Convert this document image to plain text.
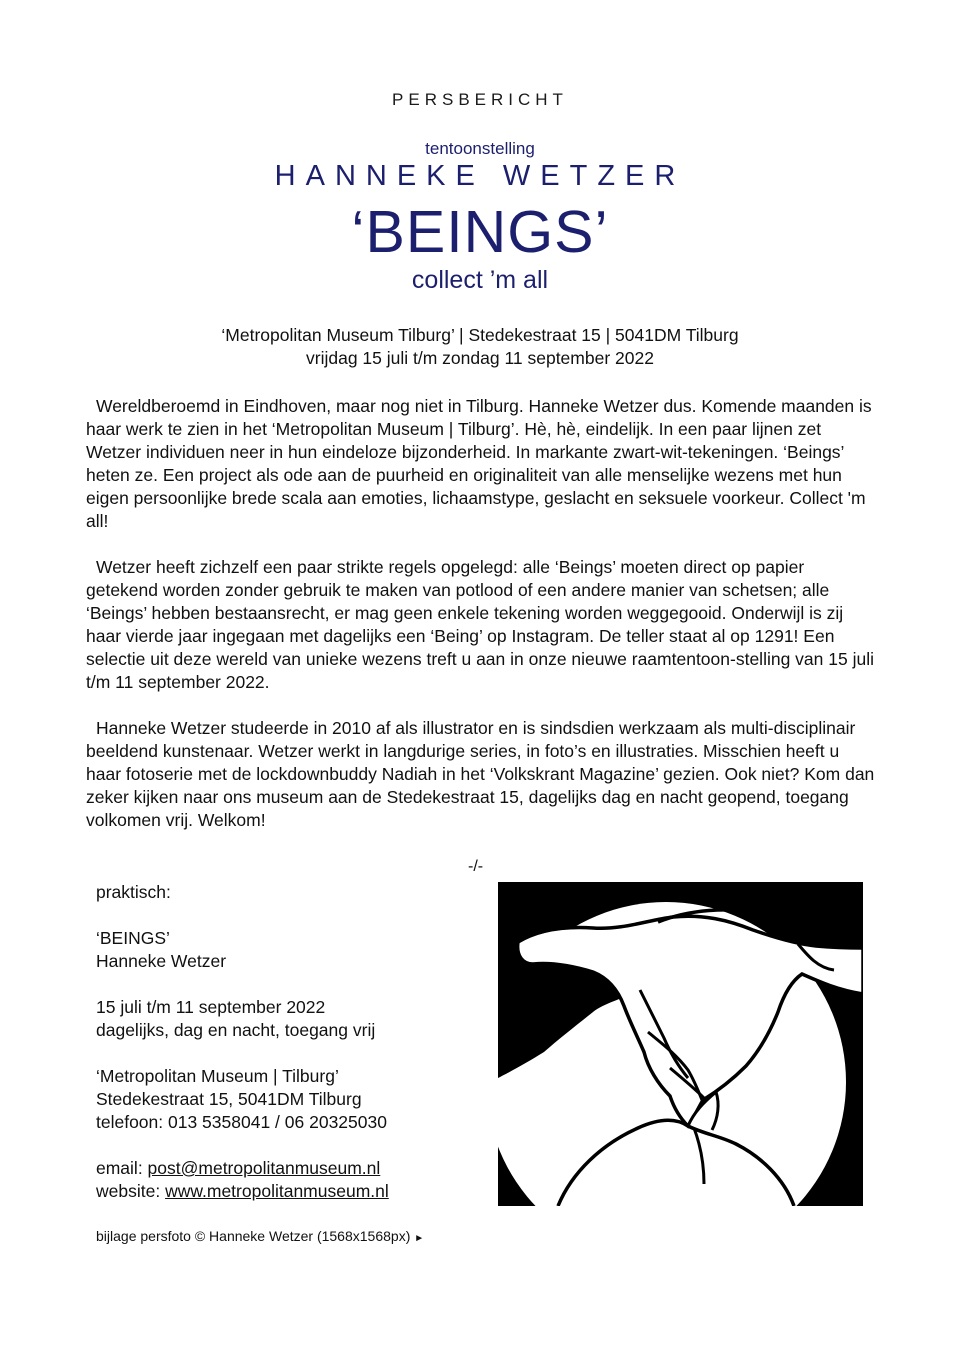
PERSBERICHT
tentoonstelling
HANNEKE WETZER
‘BEINGS’
collect ’m all
‘Metropolitan Museum Tilburg’ | Stedekestraat 15 | 5041DM Tilburg
vrijdag 15 juli t/m zondag 11 september 2022

Wereldberoemd in Eindhoven, maar nog niet in Tilburg. Hanneke Wetzer dus. Komende maanden is haar werk te zien in het ‘Metropolitan Museum | Tilburg’. Hè, hè, eindelijk. In een paar lijnen zet Wetzer individuen neer in hun eindeloze bijzonderheid. In markante zwart-wit-tekeningen. ‘Beings’ heten ze. Een project als ode aan de puurheid en originaliteit van alle menselijke wezens met hun eigen persoonlijke brede scala aan emoties, lichaamstype, geslacht en seksuele voorkeur. Collect 'm all!

Wetzer heeft zichzelf een paar strikte regels opgelegd: alle ‘Beings’ moeten direct op papier getekend worden zonder gebruik te maken van potlood of een andere manier van schetsen; alle ‘Beings’ hebben bestaansrecht, er mag geen enkele tekening worden weggegooid. Onderwijl is zij haar vierde jaar ingegaan met dagelijks een ‘Being’ op Instagram. De teller staat al op 1291! Een selectie uit deze wereld van unieke wezens treft u aan in onze nieuwe raamtentoon-stelling van 15 juli t/m 11 september 2022.

Hanneke Wetzer studeerde in 2010 af als illustrator en is sindsdien werkzaam als multi-disciplinair beeldend kunstenaar. Wetzer werkt in langdurige series, in foto’s en illustraties. Misschien heeft u haar fotoserie met de lockdownbuddy Nadiah in het ‘Volkskrant Magazine’ gezien. Ook niet? Kom dan zeker kijken naar ons museum aan de Stedekestraat 15, dagelijks dag en nacht geopend, toegang volkomen vrij. Welkom!

-/-
praktisch:
‘BEINGS’
Hanneke Wetzer
15 juli t/m 11 september 2022
dagelijks, dag en nacht, toegang vrij
‘Metropolitan Museum | Tilburg’
Stedekestraat 15, 5041DM Tilburg
telefoon: 013 5358041 / 06 20325030
email: post@metropolitanmuseum.nl
website: www.metropolitanmuseum.nl
bijlage persfoto © Hanneke Wetzer (1568x1568px) ►
